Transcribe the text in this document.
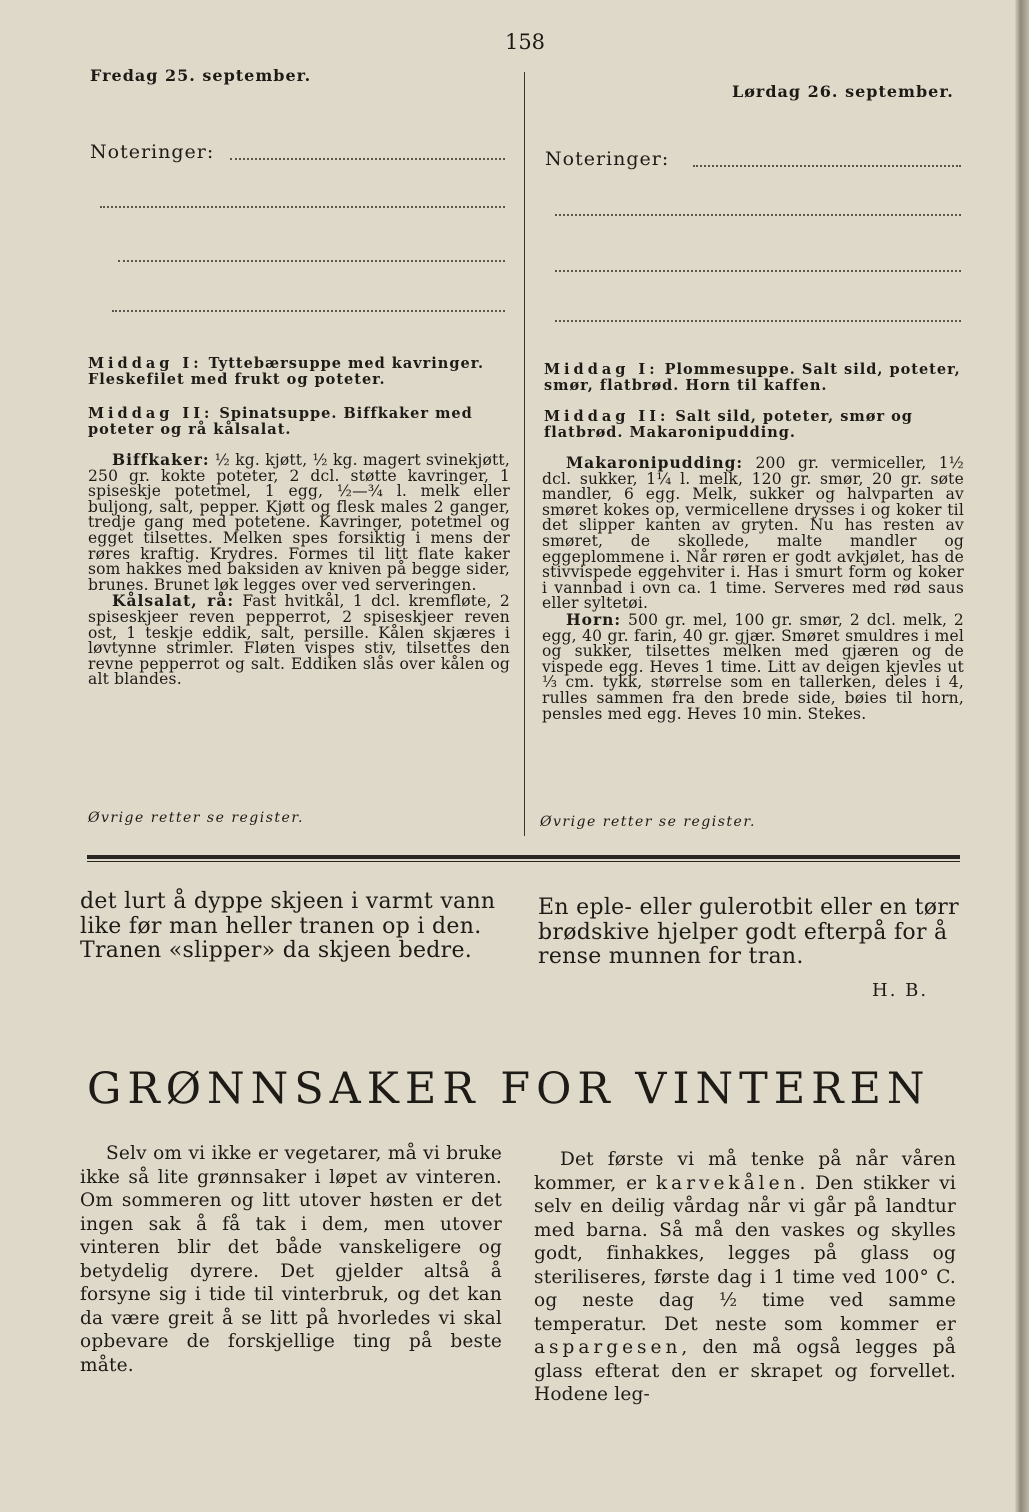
158
Fredag 25. september.
Noteringer:
Middag I: Tyttebærsuppe med kavringer. Fleskefilet med frukt og poteter.
Middag II: Spinatsuppe. Biffkaker med poteter og rå kålsalat.

Biffkaker: ½ kg. kjøtt, ½ kg. magert svinekjøtt, 250 gr. kokte poteter, 2 dcl. støtte kavringer, 1 spiseskje potetmel, 1 egg, ½—¾ l. melk eller buljong, salt, pepper. Kjøtt og flesk males 2 ganger, tredje gang med potetene. Kavringer, potetmel og egget tilsettes. Melken spes forsiktig i mens der røres kraftig. Krydres. Formes til litt flate kaker som hakkes med baksiden av kniven på begge sider, brunes. Brunet løk legges over ved serveringen.

Kålsalat, rå: Fast hvitkål, 1 dcl. kremfløte, 2 spiseskjeer reven pepperrot, 2 spiseskjeer reven ost, 1 teskje eddik, salt, persille. Kålen skjæres i løvtynne strimler. Fløten vispes stiv, tilsettes den revne pepperrot og salt. Eddiken slås over kålen og alt blandes.

Øvrige retter se register.
Lørdag 26. september.
Noteringer:
Middag I: Plommesuppe. Salt sild, poteter, smør, flatbrød. Horn til kaffen.
Middag II: Salt sild, poteter, smør og flatbrød. Makaronipudding.

Makaronipudding: 200 gr. vermiceller, 1½ dcl. sukker, 1¼ l. melk, 120 gr. smør, 20 gr. søte mandler, 6 egg. Melk, sukker og halvparten av smøret kokes op, vermicellene drysses i og koker til det slipper kanten av gryten. Nu has resten av smøret, de skollede, malte mandler og eggeplommene i. Når røren er godt avkjølet, has de stivvispede eggehviter i. Has i smurt form og koker i vannbad i ovn ca. 1 time. Serveres med rød saus eller syltetøi.

Horn: 500 gr. mel, 100 gr. smør, 2 dcl. melk, 2 egg, 40 gr. farin, 40 gr. gjær. Smøret smuldres i mel og sukker, tilsettes melken med gjæren og de vispede egg. Heves 1 time. Litt av deigen kjevles ut ⅓ cm. tykk, størrelse som en tallerken, deles i 4, rulles sammen fra den brede side, bøies til horn, pensles med egg. Heves 10 min. Stekes.

Øvrige retter se register.

det lurt å dyppe skjeen i varmt vann like før man heller tranen op i den. Tranen «slipper» da skjeen bedre.

En eple- eller gulerotbit eller en tørr brødskive hjelper godt efterpå for å rense munnen for tran.

H. B.
GRØNNSAKER FOR VINTEREN

Selv om vi ikke er vegetarer, må vi bruke ikke så lite grønnsaker i løpet av vinteren. Om sommeren og litt utover høsten er det ingen sak å få tak i dem, men utover vinteren blir det både vanskeligere og betydelig dyrere. Det gjelder altså å forsyne sig i tide til vinterbruk, og det kan da være greit å se litt på hvorledes vi skal opbevare de forskjellige ting på beste måte.

Det første vi må tenke på når våren kommer, er karvekålen. Den stikker vi selv en deilig vårdag når vi går på landtur med barna. Så må den vaskes og skylles godt, finhakkes, legges på glass og steriliseres, første dag i 1 time ved 100° C. og neste dag ½ time ved samme temperatur. Det neste som kommer er aspargesen, den må også legges på glass efterat den er skrapet og forvellet. Hodene leg-
